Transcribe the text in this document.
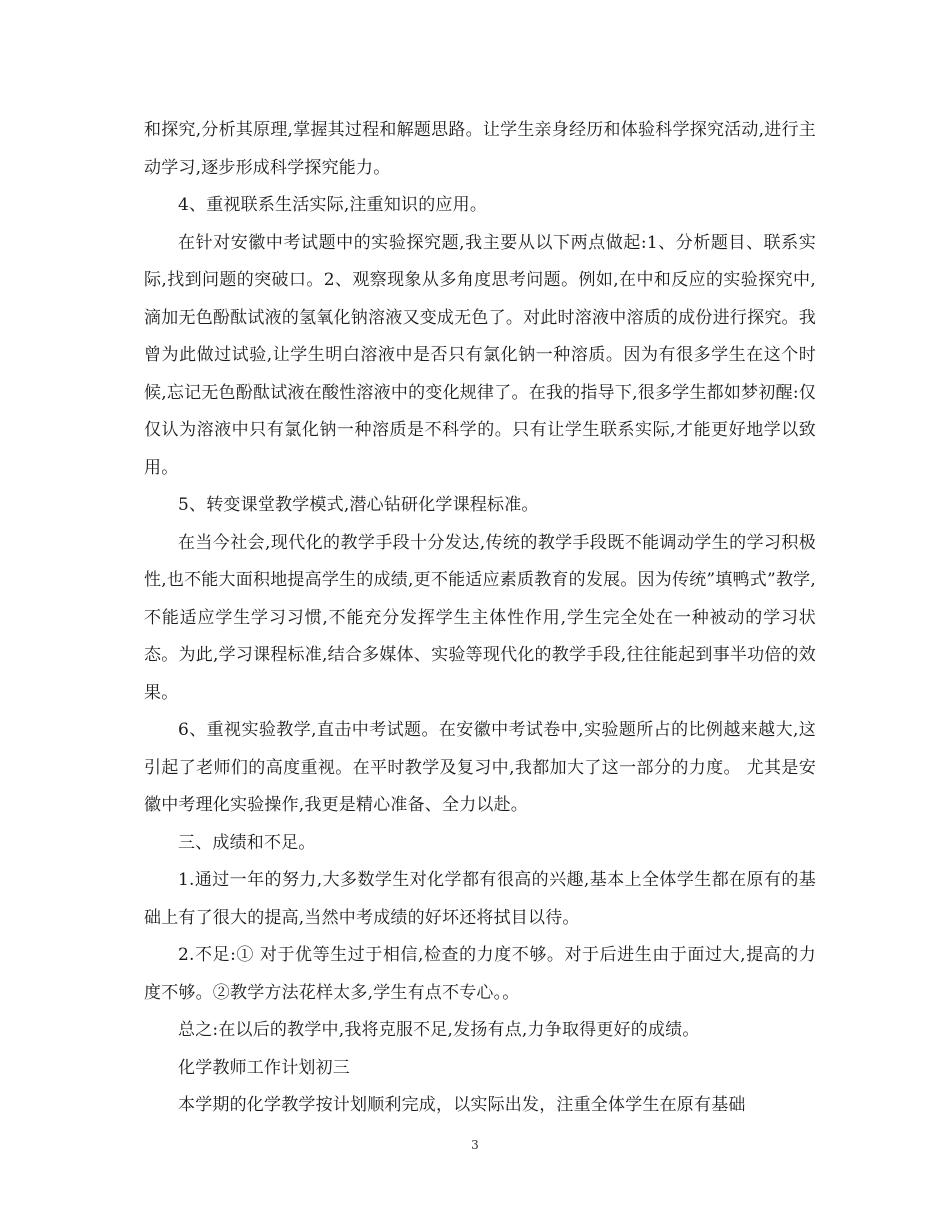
和探究,分析其原理,掌握其过程和解题思路。让学生亲身经历和体验科学探究活动,进行主动学习,逐步形成科学探究能力。

4、重视联系生活实际,注重知识的应用。

在针对安徽中考试题中的实验探究题,我主要从以下两点做起:1、分析题目、联系实际,找到问题的突破口。2、观察现象从多角度思考问题。例如,在中和反应的实验探究中,滴加无色酚酞试液的氢氧化钠溶液又变成无色了。对此时溶液中溶质的成份进行探究。我曾为此做过试验,让学生明白溶液中是否只有氯化钠一种溶质。因为有很多学生在这个时候,忘记无色酚酞试液在酸性溶液中的变化规律了。在我的指导下,很多学生都如梦初醒:仅仅认为溶液中只有氯化钠一种溶质是不科学的。只有让学生联系实际,才能更好地学以致用。

5、转变课堂教学模式,潜心钻研化学课程标准。

在当今社会,现代化的教学手段十分发达,传统的教学手段既不能调动学生的学习积极性,也不能大面积地提高学生的成绩,更不能适应素质教育的发展。因为传统”填鸭式”教学,不能适应学生学习习惯,不能充分发挥学生主体性作用,学生完全处在一种被动的学习状态。为此,学习课程标准,结合多媒体、实验等现代化的教学手段,往往能起到事半功倍的效果。

6、重视实验教学,直击中考试题。在安徽中考试卷中,实验题所占的比例越来越大,这引起了老师们的高度重视。在平时教学及复习中,我都加大了这一部分的力度。 尤其是安徽中考理化实验操作,我更是精心准备、全力以赴。

三、成绩和不足。

1.通过一年的努力,大多数学生对化学都有很高的兴趣,基本上全体学生都在原有的基础上有了很大的提高,当然中考成绩的好坏还将拭目以待。

2.不足:① 对于优等生过于相信,检查的力度不够。对于后进生由于面过大,提高的力度不够。②教学方法花样太多,学生有点不专心。。

总之:在以后的教学中,我将克服不足,发扬有点,力争取得更好的成绩。

化学教师工作计划初三

本学期的化学教学按计划顺利完成，以实际出发，注重全体学生在原有基础

3
